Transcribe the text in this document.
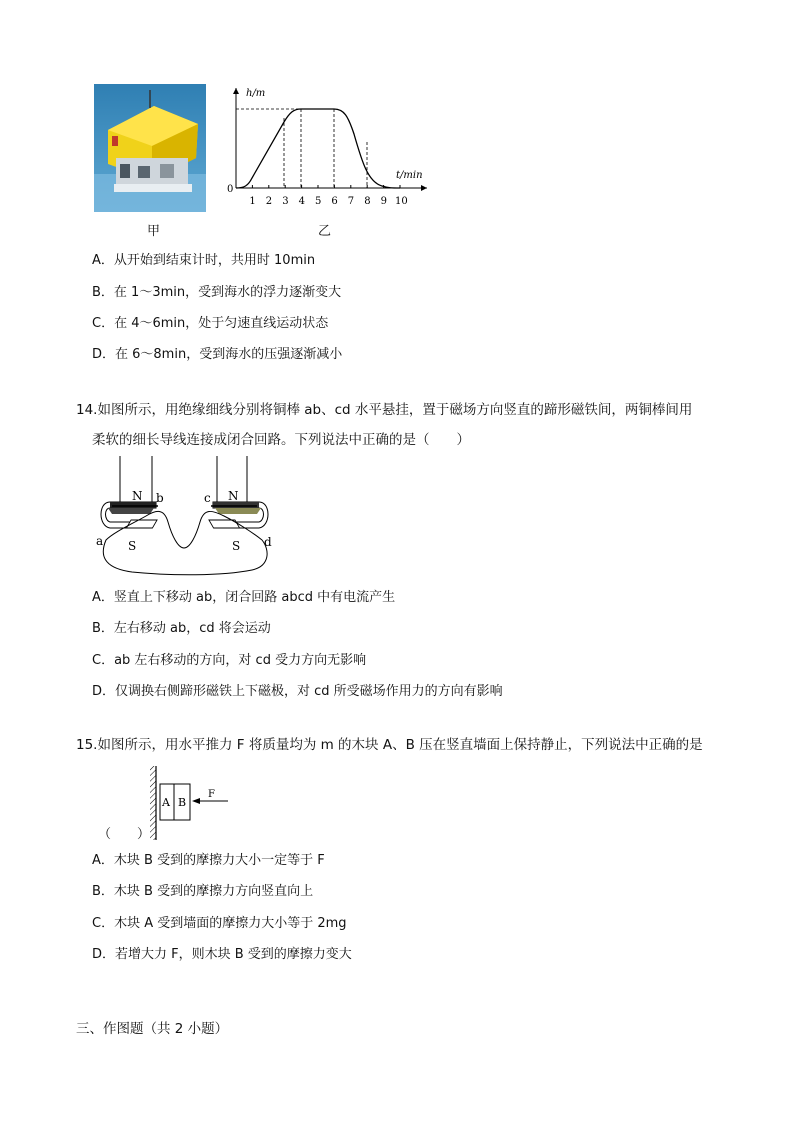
h/m
t/min
0
1 2 3 4 5 6 7 8 9 10
甲	乙
A．从开始到结束计时，共用时 10min
B．在 1～3min，受到海水的浮力逐渐变大
C．在 4～6min，处于匀速直线运动状态
D．在 6～8min，受到海水的压强逐渐减小
14.如图所示，用绝缘细线分别将铜棒 ab、cd 水平悬挂，置于磁场方向竖直的蹄形磁铁间，两铜棒间用
柔软的细长导线连接成闭合回路。下列说法中正确的是（　　）
N
S
N
S
a
b	c
d
A．竖直上下移动 ab，闭合回路 abcd 中有电流产生
B．左右移动 ab，cd 将会运动
C．ab 左右移动的方向，对 cd 受力方向无影响
D．仅调换右侧蹄形磁铁上下磁极，对 cd 所受磁场作用力的方向有影响
15.如图所示，用水平推力 F 将质量均为 m 的木块 A、B 压在竖直墙面上保持静止，下列说法中正确的是
A B
F
（　　）
A．木块 B 受到的摩擦力大小一定等于 F
B．木块 B 受到的摩擦力方向竖直向上
C．木块 A 受到墙面的摩擦力大小等于 2mg
D．若增大力 F，则木块 B 受到的摩擦力变大
三、作图题（共 2 小题）
